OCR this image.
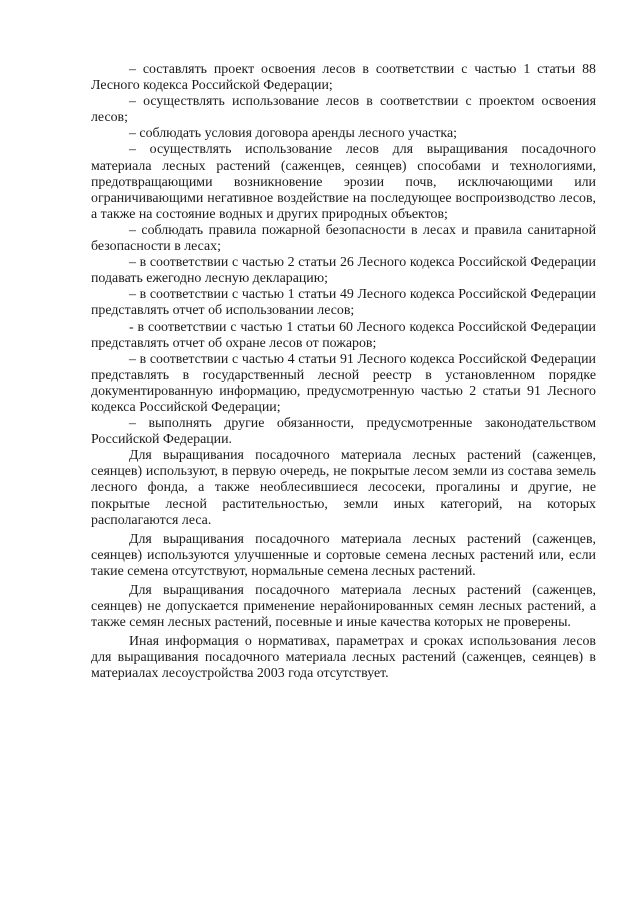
– составлять проект освоения лесов в соответствии с частью 1 статьи 88 Лесного кодекса Российской Федерации;

– осуществлять использование лесов в соответствии с проектом освоения лесов;

– соблюдать условия договора аренды лесного участка;

– осуществлять использование лесов для выращивания посадочного материала лесных растений (саженцев, сеянцев) способами и технологиями, предотвращающими возникновение эрозии почв, исключающими или ограничивающими негативное воздействие на последующее воспроизводство лесов, а также на состояние водных и других природных объектов;

– соблюдать правила пожарной безопасности в лесах и правила санитарной безопасности в лесах;

– в соответствии с частью 2 статьи 26 Лесного кодекса Российской Федерации подавать ежегодно лесную декларацию;

– в соответствии с частью 1 статьи 49 Лесного кодекса Российской Федерации представлять отчет об использовании лесов;

- в соответствии с частью 1 статьи 60 Лесного кодекса Российской Федерации представлять отчет об охране лесов от пожаров;

– в соответствии с частью 4 статьи 91 Лесного кодекса Российской Федерации представлять в государственный лесной реестр в установленном порядке документированную информацию, предусмотренную частью 2 статьи 91 Лесного кодекса Российской Федерации;

– выполнять другие обязанности, предусмотренные законодательством Российской Федерации.

Для выращивания посадочного материала лесных растений (саженцев, сеянцев) используют, в первую очередь, не покрытые лесом земли из состава земель лесного фонда, а также необлесившиеся лесосеки, прогалины и другие, не покрытые лесной растительностью, земли иных категорий, на которых располагаются леса.

Для выращивания посадочного материала лесных растений (саженцев, сеянцев) используются улучшенные и сортовые семена лесных растений или, если такие семена отсутствуют, нормальные семена лесных растений.

Для выращивания посадочного материала лесных растений (саженцев, сеянцев) не допускается применение нерайонированных семян лесных растений, а также семян лесных растений, посевные и иные качества которых не проверены.

Иная информация о нормативах, параметрах и сроках использования лесов для выращивания посадочного материала лесных растений (саженцев, сеянцев) в материалах лесоустройства 2003 года отсутствует.
